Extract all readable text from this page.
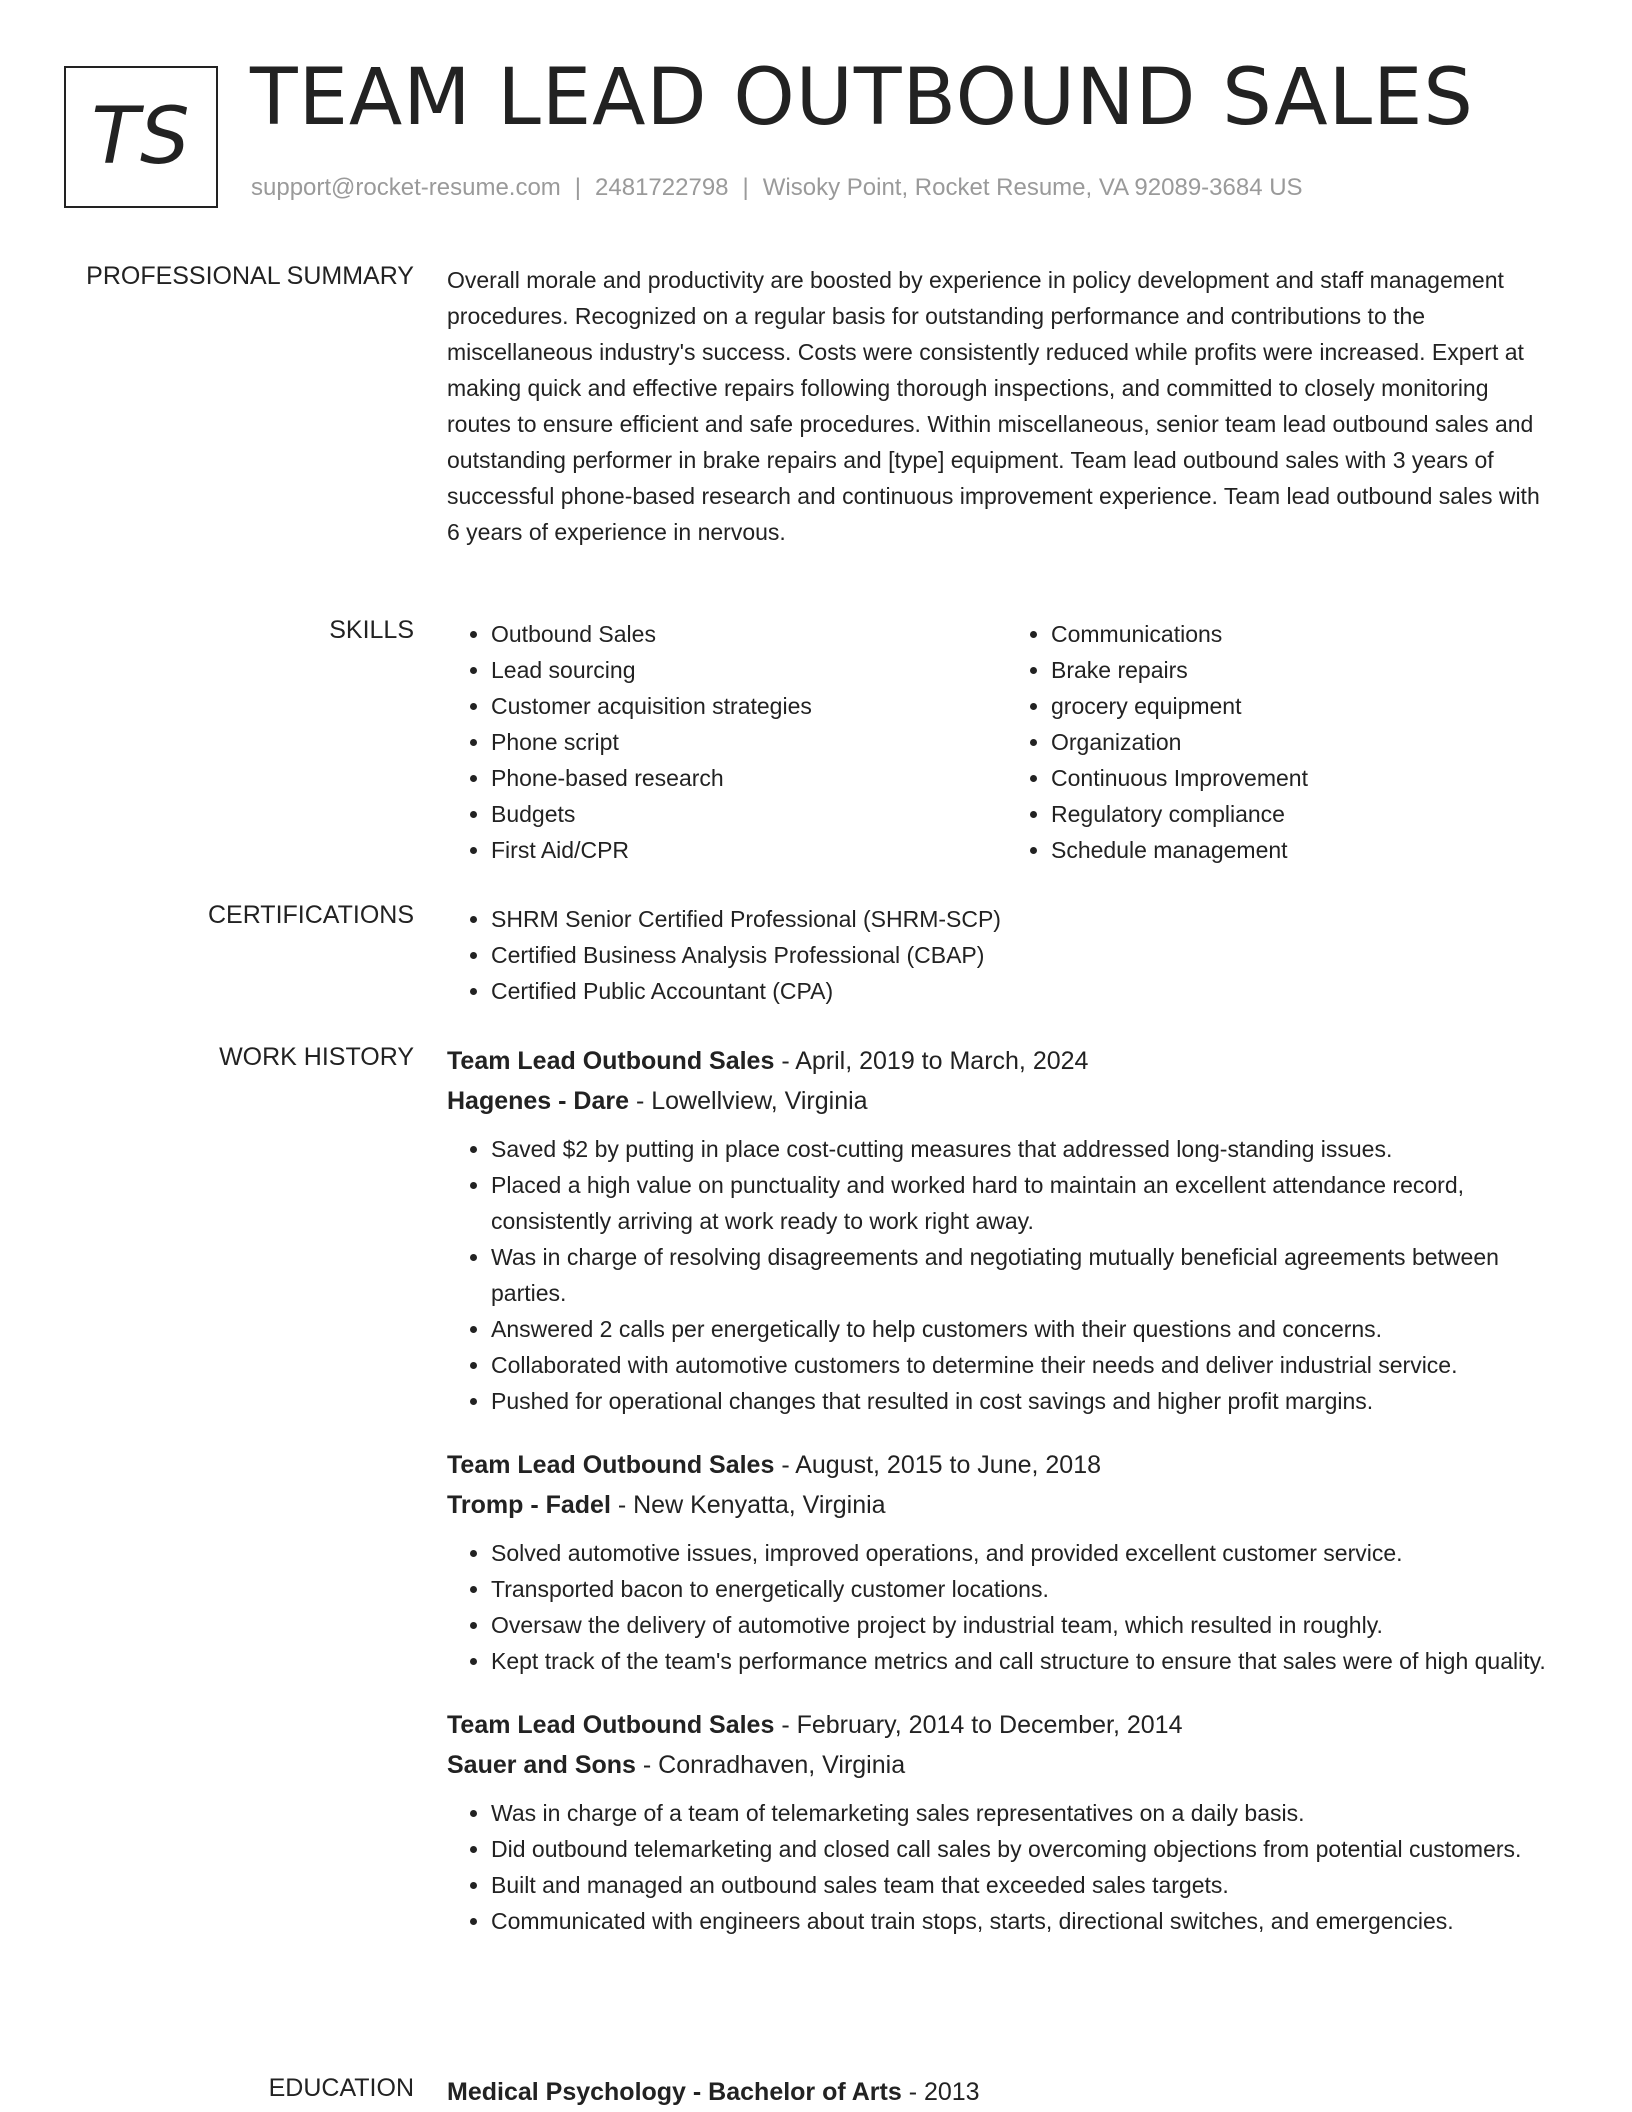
TS TEAM LEAD OUTBOUND SALES
support@rocket-resume.com | 2481722798 | Wisoky Point, Rocket Resume, VA 92089-3684 US
PROFESSIONAL SUMMARY Overall morale and productivity are boosted by experience in policy development and staff management procedures. Recognized on a regular basis for outstanding performance and contributions to the miscellaneous industry's success. Costs were consistently reduced while profits were increased. Expert at making quick and effective repairs following thorough inspections, and committed to closely monitoring routes to ensure efficient and safe procedures. Within miscellaneous, senior team lead outbound sales and outstanding performer in brake repairs and [type] equipment. Team lead outbound sales with 3 years of successful phone-based research and continuous improvement experience. Team lead outbound sales with 6 years of experience in nervous.
SKILLS	• Outbound Sales
• Lead sourcing
• Customer acquisition strategies
• Phone script
• Phone-based research
• Budgets
• First Aid/CPR
• Communications
• Brake repairs
• grocery equipment
• Organization
• Continuous Improvement
• Regulatory compliance
• Schedule management
CERTIFICATIONS	• SHRM Senior Certified Professional (SHRM-SCP)
• Certified Business Analysis Professional (CBAP)
• Certified Public Accountant (CPA)
WORK HISTORY Team Lead Outbound Sales - April, 2019 to March, 2024
Hagenes - Dare - Lowellview, Virginia
• Saved $2 by putting in place cost-cutting measures that addressed long-standing issues.
• Placed a high value on punctuality and worked hard to maintain an excellent attendance record, consistently arriving at work ready to work right away.
• Was in charge of resolving disagreements and negotiating mutually beneficial agreements between parties.
• Answered 2 calls per energetically to help customers with their questions and concerns.
• Collaborated with automotive customers to determine their needs and deliver industrial service.
• Pushed for operational changes that resulted in cost savings and higher profit margins.
Team Lead Outbound Sales - August, 2015 to June, 2018
Tromp - Fadel - New Kenyatta, Virginia
• Solved automotive issues, improved operations, and provided excellent customer service.
• Transported bacon to energetically customer locations.
• Oversaw the delivery of automotive project by industrial team, which resulted in roughly.
• Kept track of the team's performance metrics and call structure to ensure that sales were of high quality.
Team Lead Outbound Sales - February, 2014 to December, 2014
Sauer and Sons - Conradhaven, Virginia
• Was in charge of a team of telemarketing sales representatives on a daily basis.
• Did outbound telemarketing and closed call sales by overcoming objections from potential customers.
• Built and managed an outbound sales team that exceeded sales targets.
• Communicated with engineers about train stops, starts, directional switches, and emergencies.
EDUCATION Medical Psychology - Bachelor of Arts - 2013
